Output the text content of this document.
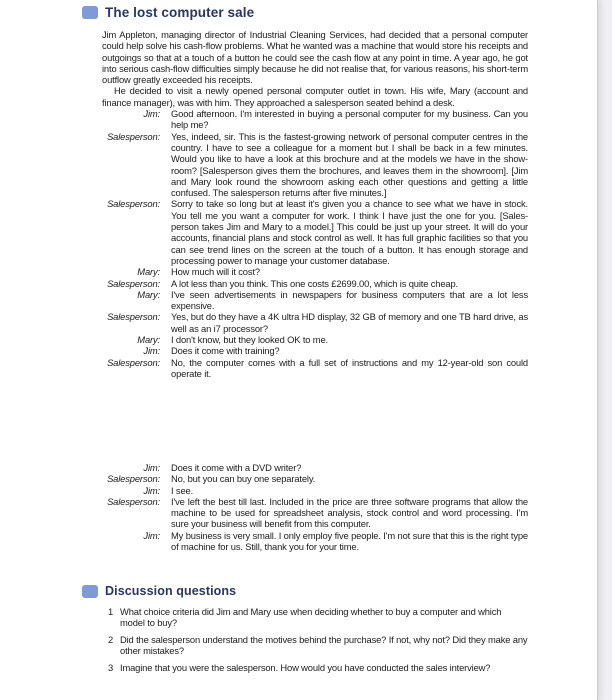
The lost computer sale

Jim Appleton, managing director of Industrial Cleaning Services, had decided that a personal computer could help solve his cash-flow problems. What he wanted was a machine that would store his receipts and outgoings so that at a touch of a button he could see the cash flow at any point in time. A year ago, he got into serious cash-flow difficulties simply because he did not realise that, for various reasons, his short-term outflow greatly exceeded his receipts.

He decided to visit a newly opened personal computer outlet in town. His wife, Mary (account and finance manager), was with him. They approached a salesperson seated behind a desk.

Jim: Good afternoon. I'm interested in buying a personal computer for my business. Can you help me?
Salesperson: Yes, indeed, sir. This is the fastest-growing network of personal computer centres in the country. I have to see a colleague for a moment but I shall be back in a few minutes. Would you like to have a look at this brochure and at the models we have in the show-room? [Salesperson gives them the brochures, and leaves them in the showroom]. [Jim and Mary look round the showroom asking each other questions and getting a little confused. The salesperson returns after five minutes.]
Salesperson: Sorry to take so long but at least it's given you a chance to see what we have in stock. You tell me you want a computer for work. I think I have just the one for you. [Sales-person takes Jim and Mary to a model.] This could be just up your street. It will do your accounts, financial plans and stock control as well. It has full graphic facilities so that you can see trend lines on the screen at the touch of a button. It has enough storage and processing power to manage your customer database.
Mary: How much will it cost?
Salesperson: A lot less than you think. This one costs £2699.00, which is quite cheap.
Mary: I've seen advertisements in newspapers for business computers that are a lot less expensive.
Salesperson: Yes, but do they have a 4K ultra HD display, 32 GB of memory and one TB hard drive, as well as an i7 processor?
Mary: I don't know, but they looked OK to me.
Jim: Does it come with training?
Salesperson: No, the computer comes with a full set of instructions and my 12-year-old son could operate it.
Jim: Does it come with a DVD writer?
Salesperson: No, but you can buy one separately.
Jim: I see.
Salesperson: I've left the best till last. Included in the price are three software programs that allow the machine to be used for spreadsheet analysis, stock control and word processing. I'm sure your business will benefit from this computer.
Jim: My business is very small. I only employ five people. I'm not sure that this is the right type of machine for us. Still, thank you for your time.
Discussion questions
1 What choice criteria did Jim and Mary use when deciding whether to buy a computer and which model to buy?
2 Did the salesperson understand the motives behind the purchase? If not, why not? Did they make any other mistakes?
3 Imagine that you were the salesperson. How would you have conducted the sales interview?
